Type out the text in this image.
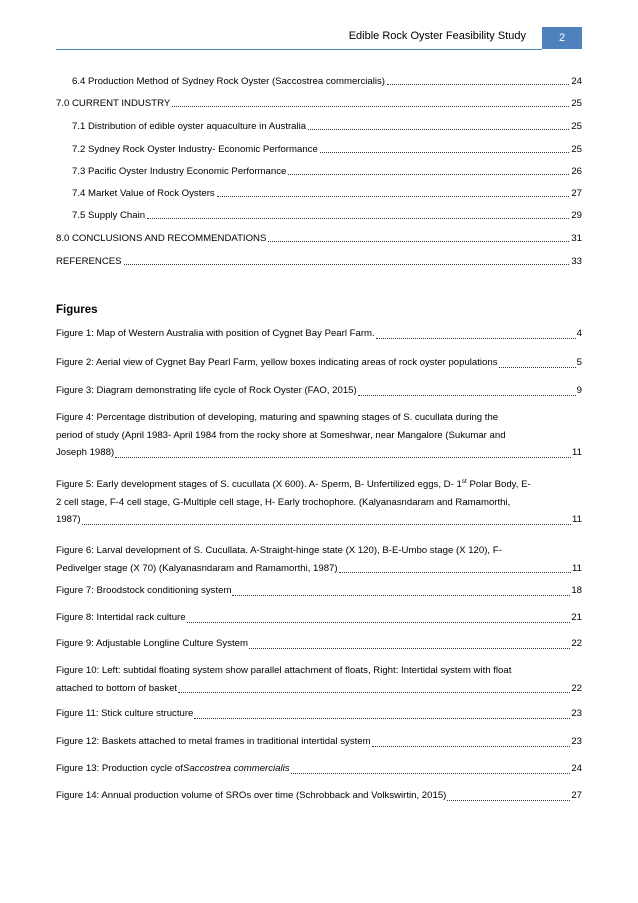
Edible Rock Oyster Feasibility Study	2
6.4 Production Method of Sydney Rock Oyster (Saccostrea commercialis)	24
7.0 CURRENT INDUSTRY	25
7.1 Distribution of edible oyster aquaculture in Australia	25
7.2 Sydney Rock Oyster Industry- Economic Performance	25
7.3 Pacific Oyster Industry Economic Performance	26
7.4 Market Value of Rock Oysters	27
7.5 Supply Chain	29
8.0 CONCLUSIONS AND RECOMMENDATIONS	31
REFERENCES	33
Figures
Figure 1: Map of Western Australia with position of Cygnet Bay Pearl Farm.	4
Figure 2: Aerial view of Cygnet Bay Pearl Farm, yellow boxes indicating areas of rock oyster populations	5
Figure 3: Diagram demonstrating life cycle of Rock Oyster (FAO, 2015)	9
Figure 4: Percentage distribution of developing, maturing and spawning stages of S. cucullata during the
period of study (April 1983- April 1984 from the rocky shore at Someshwar, near Mangalore (Sukumar and
Joseph 1988)	11
Figure 5: Early development stages of S. cucullata (X 600). A- Sperm, B- Unfertilized eggs, D- 1st Polar Body, E-
2 cell stage, F-4 cell stage, G-Multiple cell stage, H- Early trochophore. (Kalyanasndaram and Ramamorthi,
1987)	11
Figure 6: Larval development of S. Cucullata. A-Straight-hinge state (X 120), B-E-Umbo stage (X 120), F-
Pedivelger stage (X 70) (Kalyanasndaram and Ramamorthi, 1987)	11
Figure 7: Broodstock conditioning system	18
Figure 8: Intertidal rack culture	21
Figure 9: Adjustable Longline Culture System	22
Figure 10: Left: subtidal floating system show parallel attachment of floats, Right: Intertidal system with float
attached to bottom of basket	22
Figure 11: Stick culture structure	23
Figure 12: Baskets attached to metal frames in traditional intertidal system	23
Figure 13: Production cycle of Saccostrea commercialis	24
Figure 14: Annual production volume of SROs over time (Schrobback and Volkswirtin, 2015)	27
